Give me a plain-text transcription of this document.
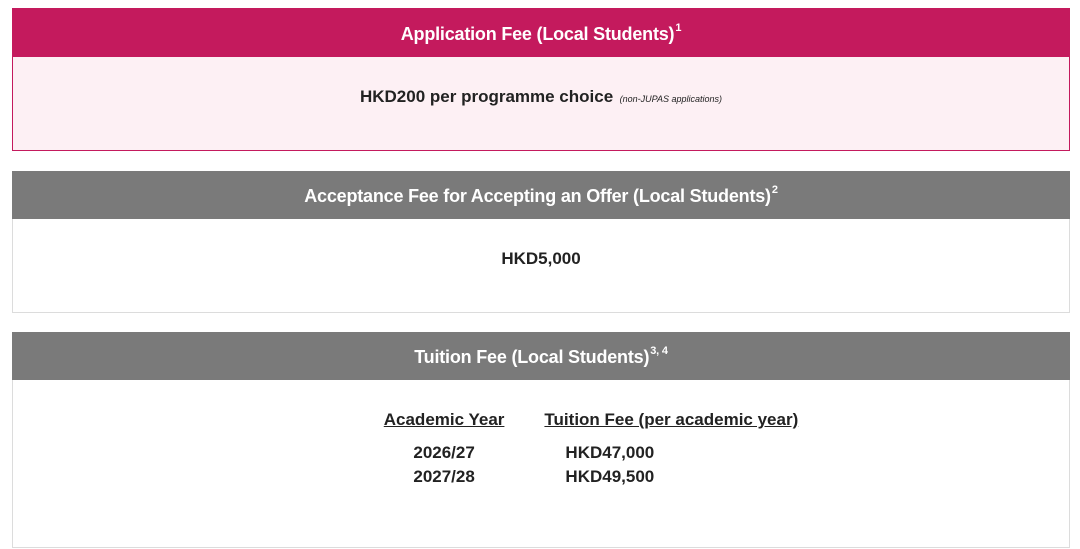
Application Fee (Local Students)$^1$
HKD200 per programme choice (non-JUPAS applications)
Acceptance Fee for Accepting an Offer (Local Students)$^2$
HKD5,000
Tuition Fee (Local Students)$^{3, 4}$
Academic Year	Tuition Fee (per academic year)
2026/27	HKD47,000
2027/28	HKD49,500
